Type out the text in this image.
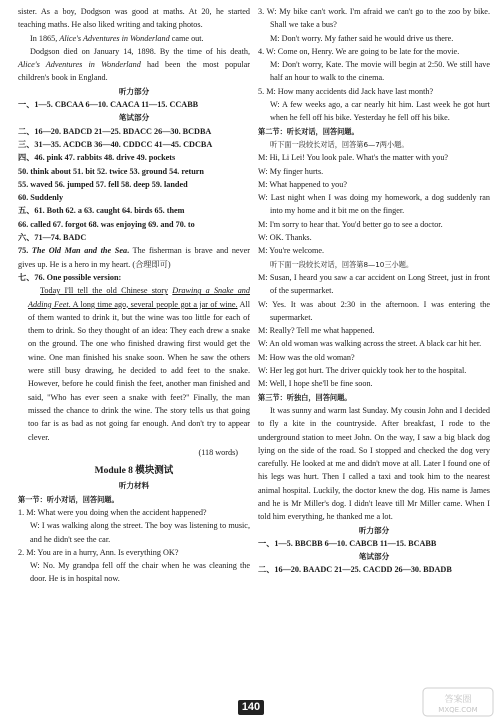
sister. As a boy, Dodgson was good at maths. At 20, he started teaching maths. He also liked writing and taking photos.

In 1865, Alice's Adventures in Wonderland came out.

Dodgson died on January 14, 1898. By the time of his death, Alice's Adventures in Wonderland had been the most popular children's book in England.

听力部分

一、1—5. CBCAA 6—10. CAACA 11—15. CCABB

笔试部分

二、16—20. BADCD 21—25. BDACC 26—30. BCDBA

三、31—35. ACDCB 36—40. CDDCC 41—45. CDCBA

四、46. pink 47. rabbits 48. drive 49. pockets

50. think about 51. bit 52. twice 53. ground 54. return

55. waved 56. jumped 57. fell 58. deep 59. landed

60. Suddenly

五、61. Both 62. a 63. caught 64. birds 65. them

66. called 67. forgot 68. was enjoying 69. and 70. to

六、71—74. BADC

75. The Old Man and the Sea. The fisherman is brave and never gives up. He is a hero in my heart. (合理即可)

七、76. One possible version:

Today I'll tell the old Chinese story Drawing a Snake and Adding Feet. A long time ago, several people got a jar of wine. All of them wanted to drink it, but the wine was too little for each of them to drink. So they thought of an idea: They each drew a snake on the ground. The one who finished drawing first would get the wine. One man finished his snake soon. When he saw the others were still busy drawing, he decided to add feet to the snake. However, before he could finish the feet, another man finished and said, "Who has ever seen a snake with feet?" Finally, the man missed the chance to drink the wine. The story tells us that going too far is as bad as not going far enough. And don't try to appear clever.

(118 words)

Module 8 模块测试

听力材料

第一节：听小对话，回答问题。

1. M: What were you doing when the accident happened?

W: I was walking along the street. The boy was listening to music, and he didn't see the car.

2. M: You are in a hurry, Ann. Is everything OK?

W: No. My grandpa fell off the chair when he was cleaning the door. He is in hospital now.

3. W: My bike can't work. I'm afraid we can't go to the zoo by bike. Shall we take a bus?

M: Don't worry. My father said he would drive us there.

4. W: Come on, Henry. We are going to be late for the movie.

M: Don't worry, Kate. The movie will begin at 2:50. We still have half an hour to walk to the cinema.

5. M: How many accidents did Jack have last month?

W: A few weeks ago, a car nearly hit him. Last week he got hurt when he fell off his bike. Yesterday he fell off his bike.

第二节：听长对话，回答问题。

听下面一段较长对话，回答第6—7两小题。

M: Hi, Li Lei! You look pale. What's the matter with you?

W: My finger hurts.

M: What happened to you?

W: Last night when I was doing my homework, a dog suddenly ran into my home and it bit me on the finger.

M: I'm sorry to hear that. You'd better go to see a doctor.

W: OK. Thanks.

M: You're welcome.

听下面一段较长对话，回答第8—10三小题。

M: Susan, I heard you saw a car accident on Long Street, just in front of the supermarket.

W: Yes. It was about 2:30 in the afternoon. I was entering the supermarket.

M: Really? Tell me what happened.

W: An old woman was walking across the street. A black car hit her.

M: How was the old woman?

W: Her leg got hurt. The driver quickly took her to the hospital.

M: Well, I hope she'll be fine soon.

第三节：听独白，回答问题。

It was sunny and warm last Sunday. My cousin John and I decided to fly a kite in the countryside. After breakfast, I rode to the underground station to meet John. On the way, I saw a big black dog lying on the side of the road. So I stopped and checked the dog very carefully. He looked at me and didn't move at all. Later I found one of his legs was hurt. Then I called a taxi and took him to the nearest animal hospital. Luckily, the doctor knew the dog. His name is James and he is Mr Miller's dog. I didn't leave till Mr Miller came. When I told him everything, he thanked me a lot.

听力部分

一、1—5. BBCBB 6—10. CABCB 11—15. BCABB

笔试部分

二、16—20. BAADC 21—25. CACDD 26—30. BDADB

140
答案圈
MXQE.COM
